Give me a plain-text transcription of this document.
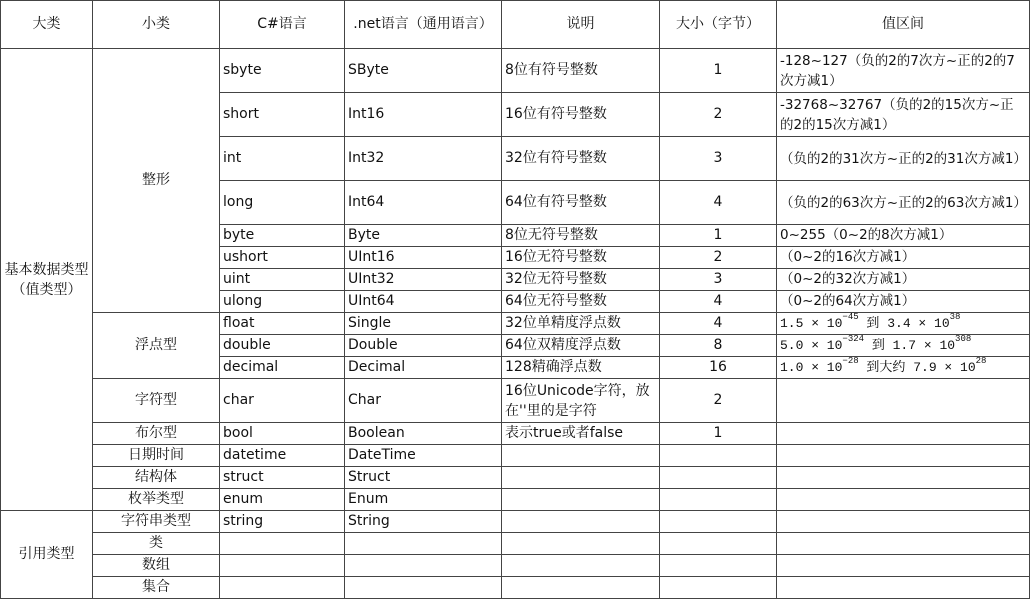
大类	小类	C#语言	.net语言（通用语言）	说明	大小（字节）	值区间
基本数据类型（值类型）	整形	sbyte	SByte	8位有符号整数	1	-128~127（负的2的7次方~正的2的7次方减1）
		short	Int16	16位有符号整数	2	-32768~32767（负的2的15次方~正的2的15次方减1）
		int	Int32	32位有符号整数	3	（负的2的31次方~正的2的31次方减1）
		long	Int64	64位有符号整数	4	（负的2的63次方~正的2的63次方减1）
		byte	Byte	8位无符号整数	1	0~255（0~2的8次方减1）
		ushort	UInt16	16位无符号整数	2	（0~2的16次方减1）
		uint	UInt32	32位无符号整数	3	（0~2的32次方减1）
		ulong	UInt64	64位无符号整数	4	（0~2的64次方减1）
	浮点型	float	Single	32位单精度浮点数	4	$1.5 \times 10^{-45}$ 到 $3.4 \times 10^{38}$
		double	Double	64位双精度浮点数	8	$5.0 \times 10^{-324}$ 到 $1.7 \times 10^{308}$
		decimal	Decimal	128精确浮点数	16	$1.0 \times 10^{-28}$ 到大约 $7.9 \times 10^{28}$
	字符型	char	Char	16位Unicode字符，放在''里的是字符	2	
	布尔型	bool	Boolean	表示true或者false	1	
	日期时间	datetime	DateTime			
	结构体	struct	Struct			
	枚举类型	enum	Enum			
引用类型	字符串类型	string	String			
	类					
	数组					
	集合					
